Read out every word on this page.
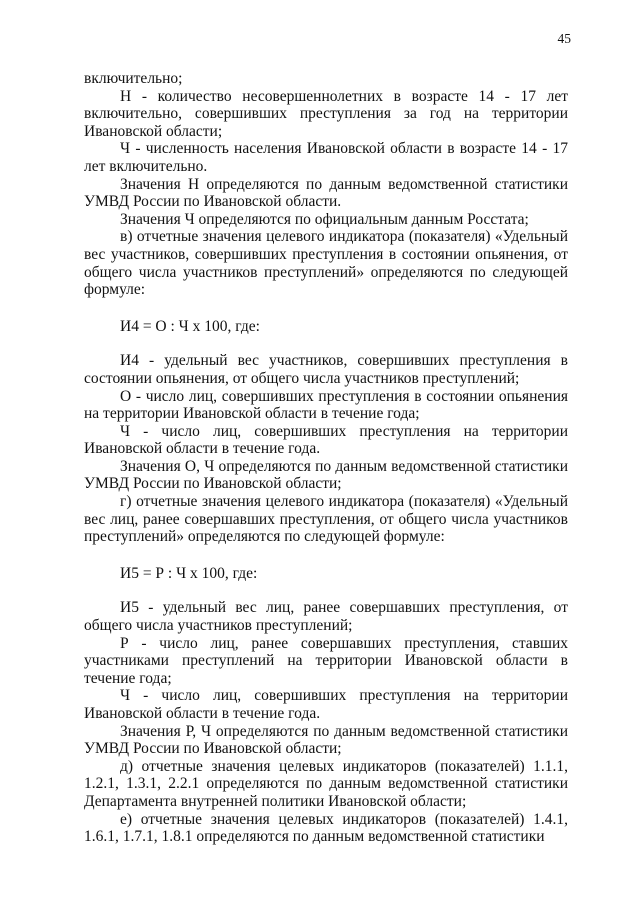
45

включительно;

Н - количество несовершеннолетних в возрасте 14 - 17 лет включительно, совершивших преступления за год на территории Ивановской области;

Ч - численность населения Ивановской области в возрасте 14 - 17 лет включительно.

Значения Н определяются по данным ведомственной статистики УМВД России по Ивановской области.

Значения Ч определяются по официальным данным Росстата;

в) отчетные значения целевого индикатора (показателя) «Удельный вес участников, совершивших преступления в состоянии опьянения, от общего числа участников преступлений» определяются по следующей формуле:

И4 = О : Ч х 100, где:

И4 - удельный вес участников, совершивших преступления в состоянии опьянения, от общего числа участников преступлений;

О - число лиц, совершивших преступления в состоянии опьянения на территории Ивановской области в течение года;

Ч - число лиц, совершивших преступления на территории Ивановской области в течение года.

Значения О, Ч определяются по данным ведомственной статистики УМВД России по Ивановской области;

г) отчетные значения целевого индикатора (показателя) «Удельный вес лиц, ранее совершавших преступления, от общего числа участников преступлений» определяются по следующей формуле:

И5 = Р : Ч х 100, где:

И5 - удельный вес лиц, ранее совершавших преступления, от общего числа участников преступлений;

Р - число лиц, ранее совершавших преступления, ставших участниками преступлений на территории Ивановской области в течение года;

Ч - число лиц, совершивших преступления на территории Ивановской области в течение года.

Значения Р, Ч определяются по данным ведомственной статистики УМВД России по Ивановской области;

д) отчетные значения целевых индикаторов (показателей) 1.1.1, 1.2.1, 1.3.1, 2.2.1 определяются по данным ведомственной статистики Департамента внутренней политики Ивановской области;

е) отчетные значения целевых индикаторов (показателей) 1.4.1, 1.6.1, 1.7.1, 1.8.1 определяются по данным ведомственной статистики
